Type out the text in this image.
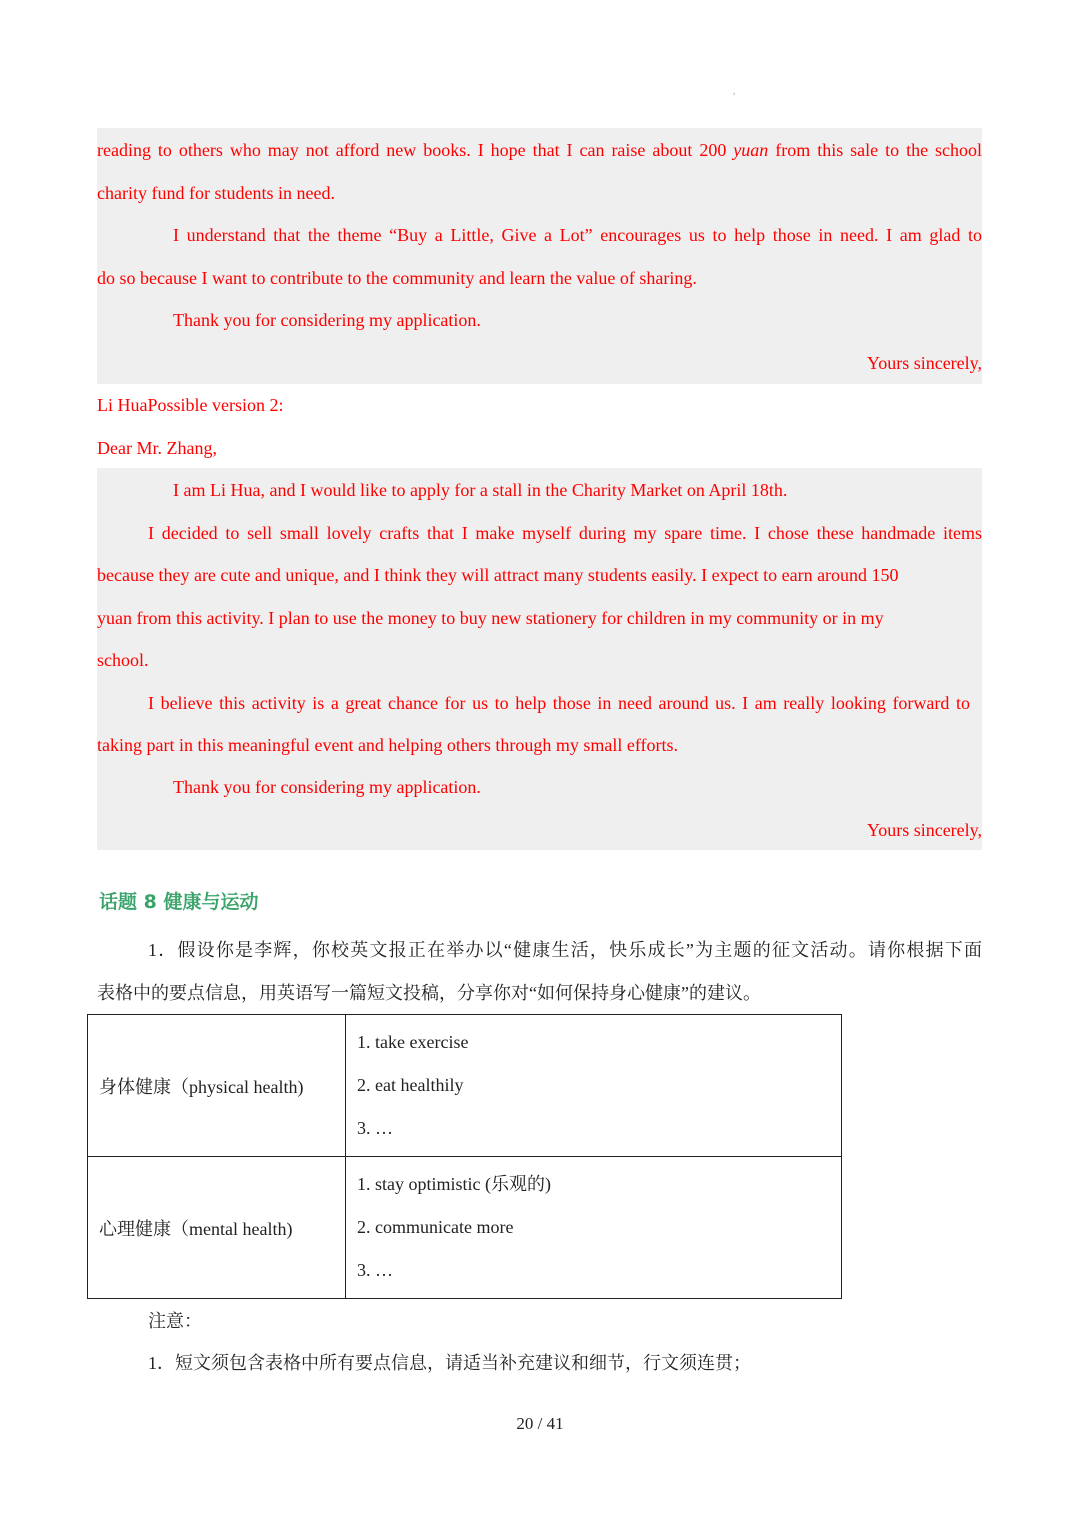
,
reading to others who may not afford new books. I hope that I can raise about 200 yuan from this sale to the school
charity fund for students in need.
I understand that the theme “Buy a Little, Give a Lot” encourages us to help those in need. I am glad to
do so because I want to contribute to the community and learn the value of sharing.
Thank you for considering my application.
Yours sincerely,
Li HuaPossible version 2:
Dear Mr. Zhang,
I am Li Hua, and I would like to apply for a stall in the Charity Market on April 18th.
I decided to sell small lovely crafts that I make myself during my spare time. I chose these handmade items
because they are cute and unique, and I think they will attract many students easily. I expect to earn around 150
yuan from this activity. I plan to use the money to buy new stationery for children in my community or in my
school.
I believe this activity is a great chance for us to help those in need around us. I am really looking forward to
taking part in this meaningful event and helping others through my small efforts.
Thank you for considering my application.
Yours sincerely,
话题 8 健康与运动
1．假设你是李辉，你校英文报正在举办以“健康生活，快乐成长”为主题的征文活动。请你根据下面
表格中的要点信息，用英语写一篇短文投稿，分享你对“如何保持身心健康”的建议。
身体健康（physical health)	1. take exercise
2. eat healthily
3. …

心理健康（mental health)	1. stay optimistic (乐观的)
2. communicate more
3. …
注意：
1．短文须包含表格中所有要点信息，请适当补充建议和细节，行文须连贯；
20 / 41
